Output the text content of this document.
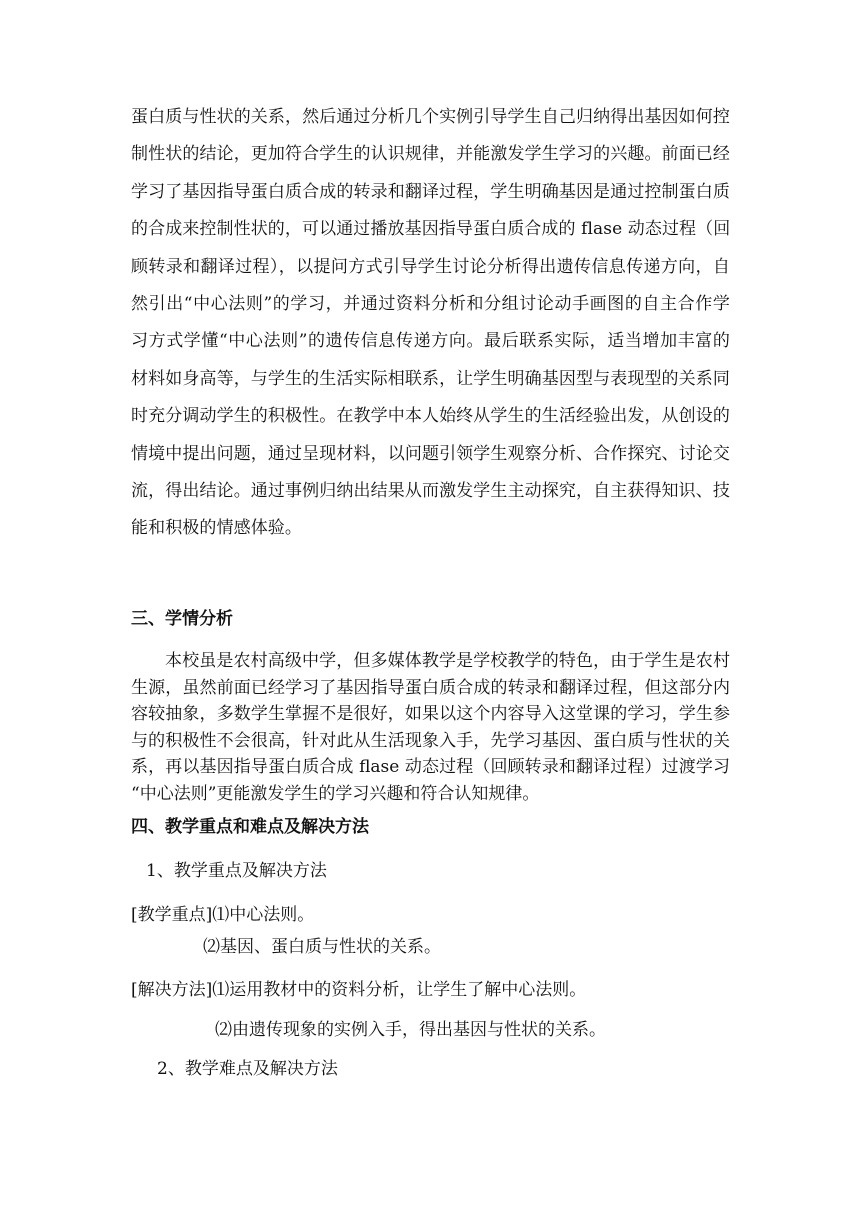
蛋白质与性状的关系，然后通过分析几个实例引导学生自己归纳得出基因如何控
制性状的结论，更加符合学生的认识规律，并能激发学生学习的兴趣。前面已经
学习了基因指导蛋白质合成的转录和翻译过程，学生明确基因是通过控制蛋白质
的合成来控制性状的，可以通过播放基因指导蛋白质合成的 flase 动态过程（回
顾转录和翻译过程），以提问方式引导学生讨论分析得出遗传信息传递方向，自
然引出“中心法则”的学习，并通过资料分析和分组讨论动手画图的自主合作学
习方式学懂“中心法则”的遗传信息传递方向。最后联系实际，适当增加丰富的
材料如身高等，与学生的生活实际相联系，让学生明确基因型与表现型的关系同
时充分调动学生的积极性。在教学中本人始终从学生的生活经验出发，从创设的
情境中提出问题，通过呈现材料，以问题引领学生观察分析、合作探究、讨论交
流，得出结论。通过事例归纳出结果从而激发学生主动探究，自主获得知识、技
能和积极的情感体验。

三、学情分析

本校虽是农村高级中学，但多媒体教学是学校教学的特色，由于学生是农村
生源，虽然前面已经学习了基因指导蛋白质合成的转录和翻译过程，但这部分内
容较抽象，多数学生掌握不是很好，如果以这个内容导入这堂课的学习，学生参
与的积极性不会很高，针对此从生活现象入手，先学习基因、蛋白质与性状的关
系，再以基因指导蛋白质合成 flase 动态过程（回顾转录和翻译过程）过渡学习
“中心法则”更能激发学生的学习兴趣和符合认知规律。

四、教学重点和难点及解决方法

1、教学重点及解决方法

[教学重点]⑴中心法则。

⑵基因、蛋白质与性状的关系。

[解决方法]⑴运用教材中的资料分析，让学生了解中心法则。

⑵由遗传现象的实例入手，得出基因与性状的关系。

2、教学难点及解决方法
